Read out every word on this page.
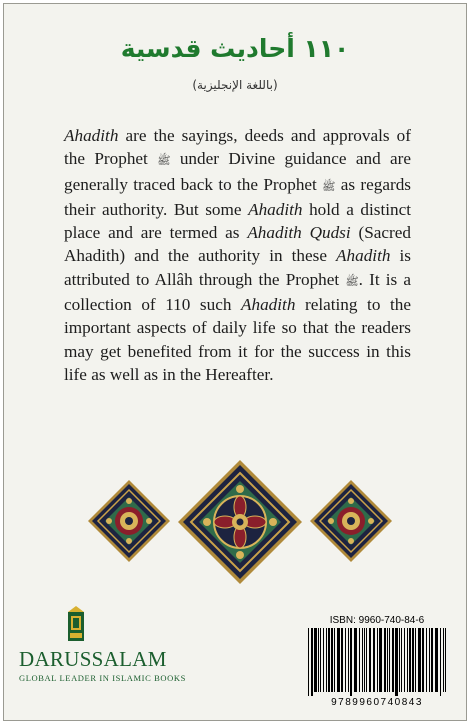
١١٠ أحاديث قدسية
(باللغة الإنجليزية)
Ahadith are the sayings, deeds and approvals of the Prophet ﷺ under Divine guidance and are generally traced back to the Prophet ﷺ as regards their authority. But some Ahadith hold a distinct place and are termed as Ahadith Qudsi (Sacred Ahadith) and the authority in these Ahadith is attributed to Allâh through the Prophet ﷺ. It is a collection of 110 such Ahadith relating to the important aspects of daily life so that the readers may get benefited from it for the success in this life as well as in the Hereafter.
DARUSSALAM
GLOBAL LEADER IN ISLAMIC BOOKS
ISBN: 9960-740-84-6
9789960740843
